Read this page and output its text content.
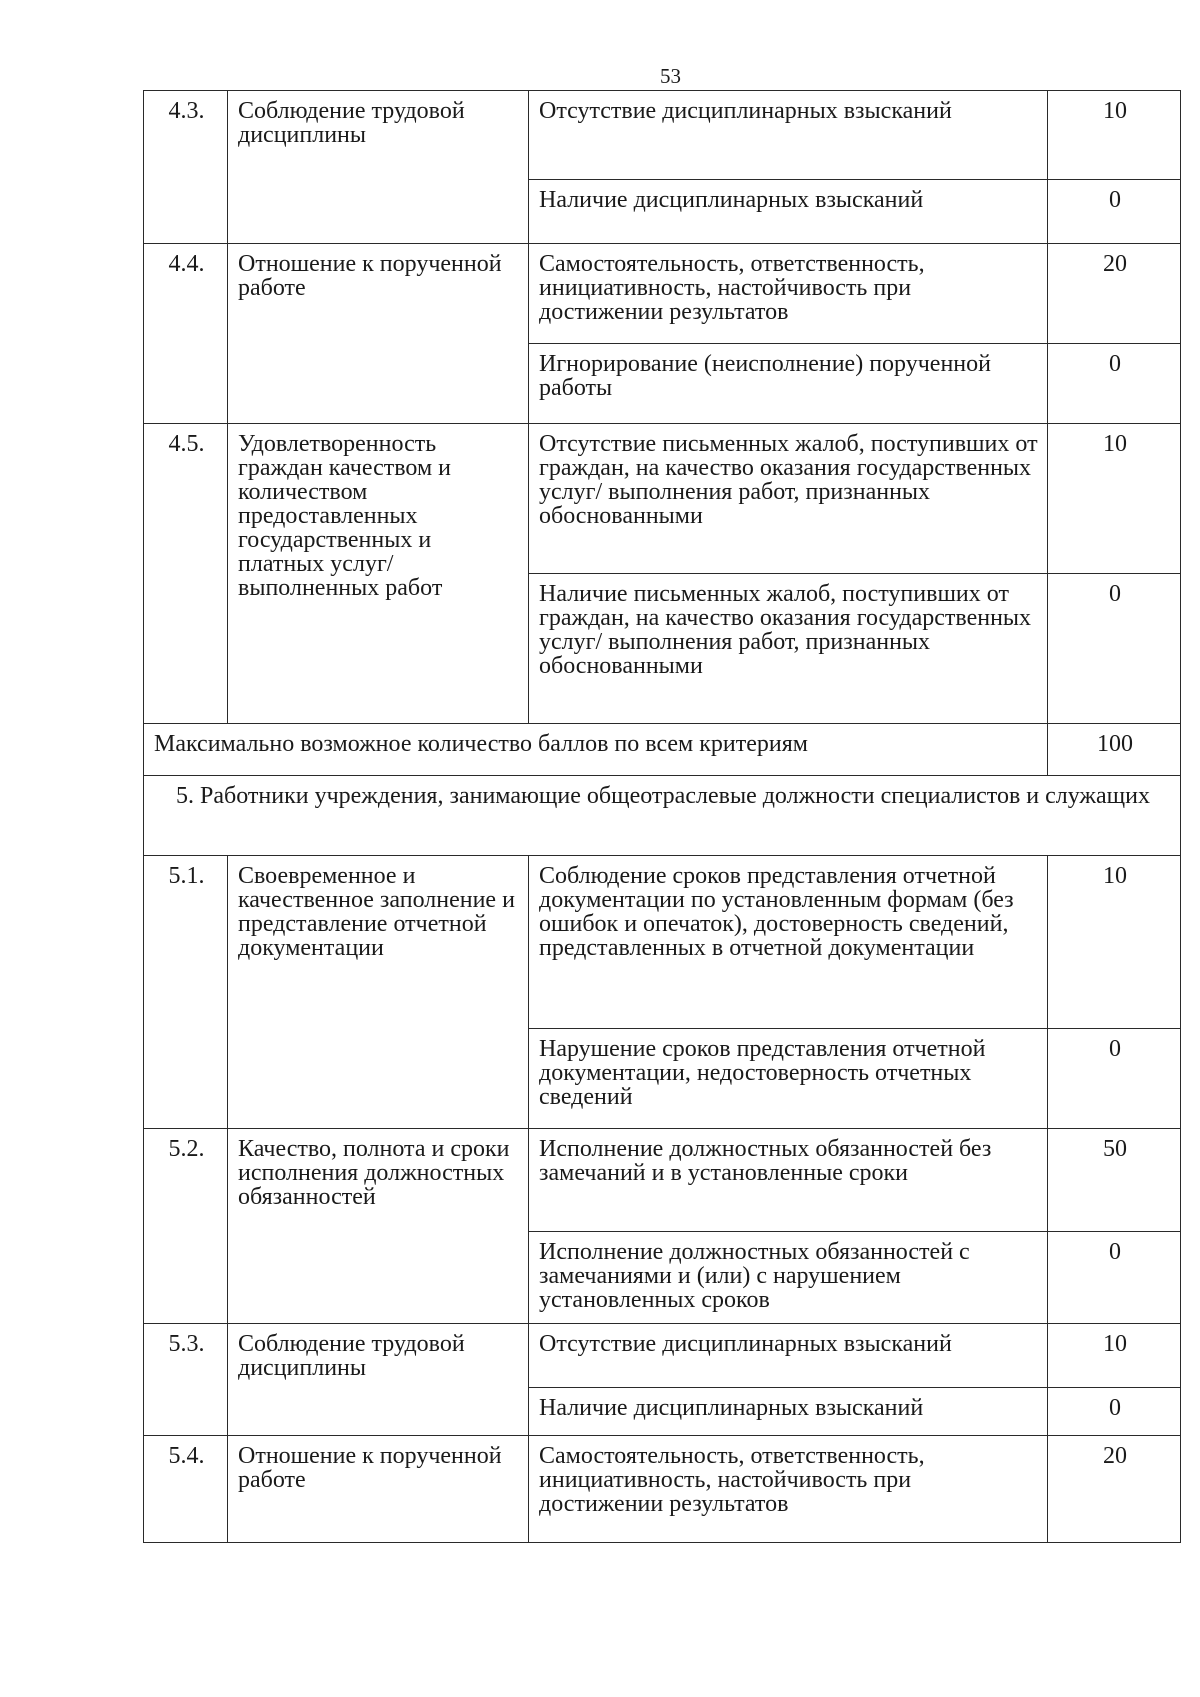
53
4.3.	Соблюдение трудовой дисциплины	Отсутствие дисциплинарных взысканий	10
		Наличие дисциплинарных взысканий	0
4.4.	Отношение к порученной работе	Самостоятельность, ответственность, инициативность, настойчивость при достижении результатов	20
		Игнорирование (неисполнение) порученной работы	0
4.5.	Удовлетворенность граждан качеством и количеством предоставленных государственных и платных услуг/выполненных работ	Отсутствие письменных жалоб, поступивших от граждан, на качество оказания государственных услуг/ выполнения работ, признанных обоснованными	10
		Наличие письменных жалоб, поступивших от граждан, на качество оказания государственных услуг/ выполнения работ, признанных обоснованными	0
Максимально возможное количество баллов по всем критериям			100
5. Работники учреждения, занимающие общеотраслевые должности специалистов и служащих			
5.1.	Своевременное и качественное заполнение и представление отчетной документации	Соблюдение сроков представления отчетной документации по установленным формам (без ошибок и опечаток), достоверность сведений, представленных в отчетной документации	10
		Нарушение сроков представления отчетной документации, недостоверность отчетных сведений	0
5.2.	Качество, полнота и сроки исполнения должностных обязанностей	Исполнение должностных обязанностей без замечаний и в установленные сроки	50
		Исполнение должностных обязанностей с замечаниями и (или) с нарушением установленных сроков	0
5.3.	Соблюдение трудовой дисциплины	Отсутствие дисциплинарных взысканий	10
		Наличие дисциплинарных взысканий	0
5.4.	Отношение к порученной работе	Самостоятельность, ответственность, инициативность, настойчивость при достижении результатов	20
